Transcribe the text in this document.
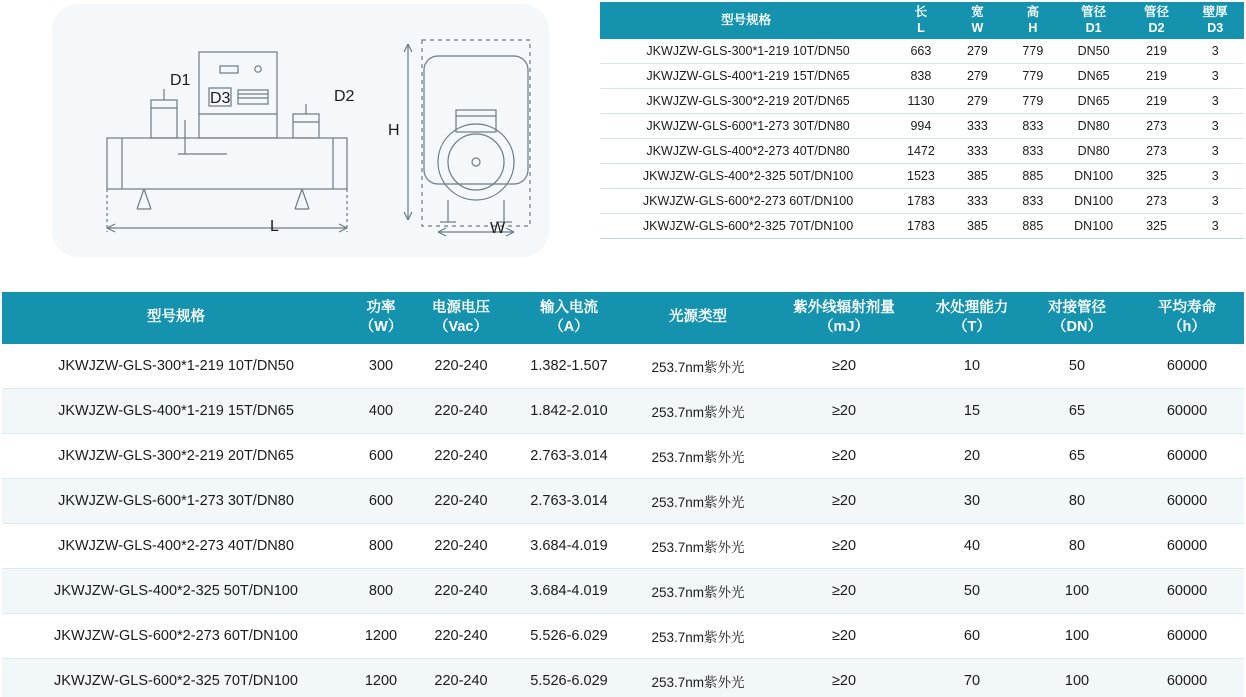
D1
D3	D2
H
L	W
型号规格

长
L

宽
W

高
H

管径
D1

管径
D2

壁厚
D3

JKWJZW-GLS-300*1-219 10T/DN50	663	279	779	DN50	219	3
JKWJZW-GLS-400*1-219 15T/DN65	838	279	779	DN65	219	3
JKWJZW-GLS-300*2-219 20T/DN65	1130	279	779	DN65	219	3
JKWJZW-GLS-600*1-273 30T/DN80	994	333	833	DN80	273	3
JKWJZW-GLS-400*2-273 40T/DN80	1472	333	833	DN80	273	3
JKWJZW-GLS-400*2-325 50T/DN100	1523	385	885	DN100	325	3
JKWJZW-GLS-600*2-273 60T/DN100	1783	333	833	DN100	273	3
JKWJZW-GLS-600*2-325 70T/DN100	1783	385	885	DN100	325	3
型号规格

功率
（W）

电源电压
（Vac）

输入电流
（A）

光源类型

紫外线辐射剂量
（mJ）

水处理能力
（T）

对接管径
（DN）

平均寿命
（h）

JKWJZW-GLS-300*1-219 10T/DN50	300	220-240	1.382-1.507	253.7nm紫外光	≥20	10	50	60000
JKWJZW-GLS-400*1-219 15T/DN65	400	220-240	1.842-2.010	253.7nm紫外光	≥20	15	65	60000
JKWJZW-GLS-300*2-219 20T/DN65	600	220-240	2.763-3.014	253.7nm紫外光	≥20	20	65	60000
JKWJZW-GLS-600*1-273 30T/DN80	600	220-240	2.763-3.014	253.7nm紫外光	≥20	30	80	60000
JKWJZW-GLS-400*2-273 40T/DN80	800	220-240	3.684-4.019	253.7nm紫外光	≥20	40	80	60000
JKWJZW-GLS-400*2-325 50T/DN100	800	220-240	3.684-4.019	253.7nm紫外光	≥20	50	100	60000
JKWJZW-GLS-600*2-273 60T/DN100	1200	220-240	5.526-6.029	253.7nm紫外光	≥20	60	100	60000
JKWJZW-GLS-600*2-325 70T/DN100	1200	220-240	5.526-6.029	253.7nm紫外光	≥20	70	100	60000
